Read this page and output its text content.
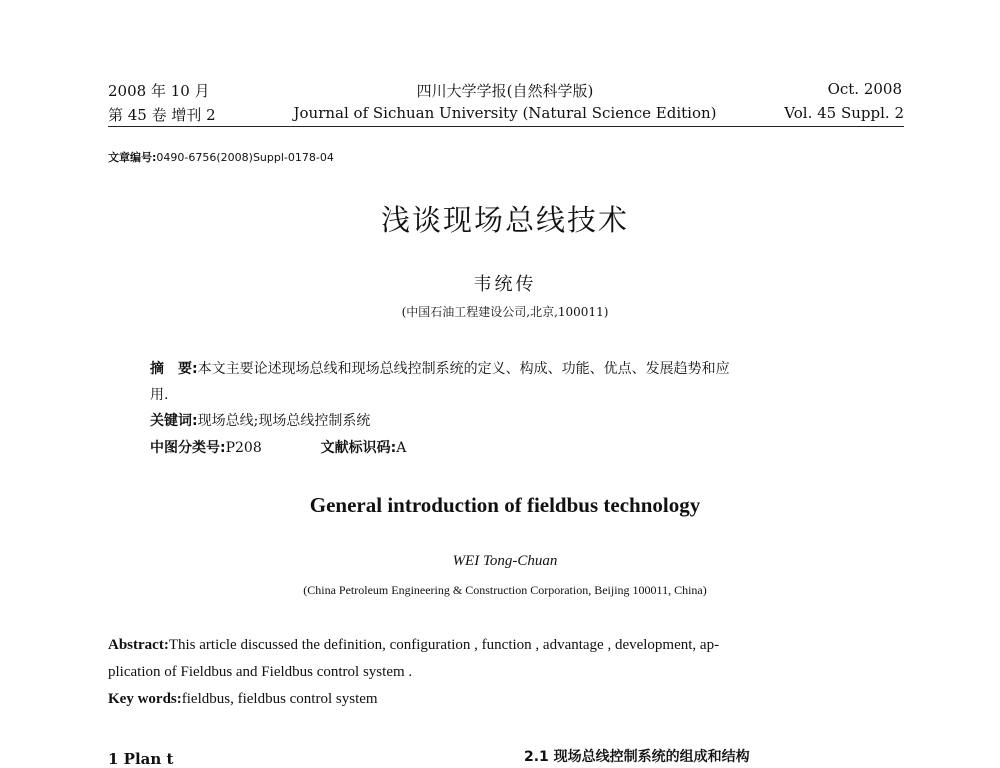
2008 年 10 月
第 45 卷 增刊 2
四川大学学报(自然科学版)
Journal of Sichuan University (Natural Science Edition)
Oct. 2008
Vol. 45 Suppl. 2
文章编号:0490-6756(2008)Suppl-0178-04
浅谈现场总线技术
韦统传
(中国石油工程建设公司,北京,100011)
摘　要:本文主要论述现场总线和现场总线控制系统的定义、构成、功能、优点、发展趋势和应
用.
关键词:现场总线;现场总线控制系统
中图分类号:P208	文献标识码:A
General introduction of fieldbus technology
WEI Tong-Chuan
(China Petroleum Engineering & Construction Corporation, Beijing 100011, China)
Abstract:This article discussed the definition, configuration , function , advantage , development, ap-
plication of Fieldbus and Fieldbus control system .
Key words:fieldbus, fieldbus control system
1 Plan t	2.1 现场总线控制系统的组成和结构
